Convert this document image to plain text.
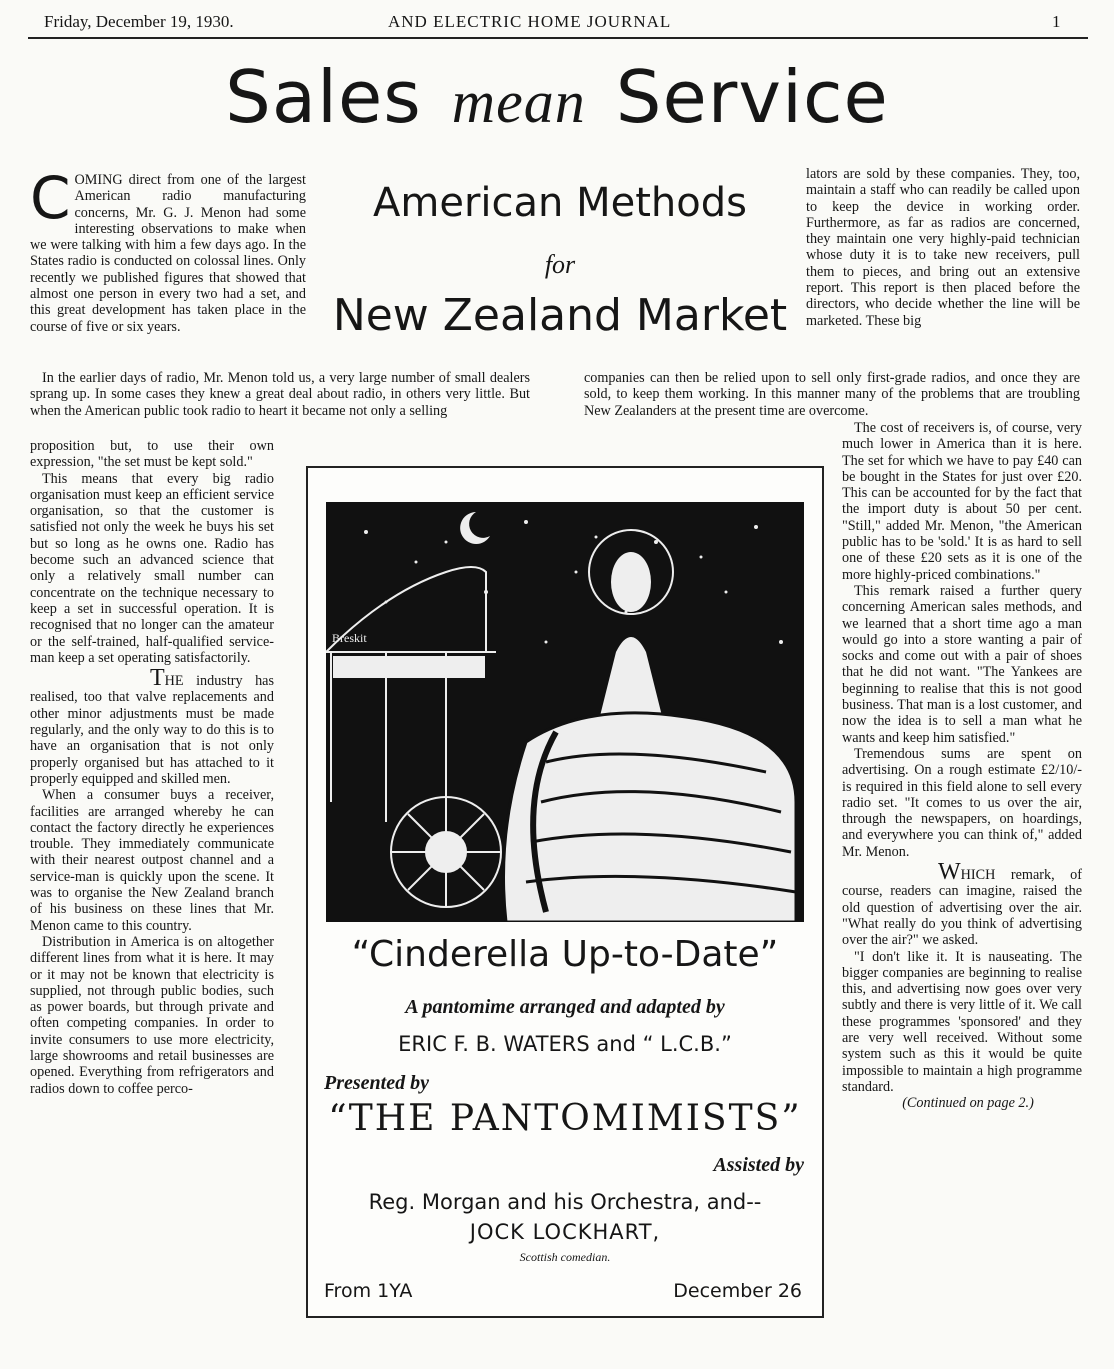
Friday, December 19, 1930.	AND ELECTRIC HOME JOURNAL	1
Sales mean Service
American Methods
for
New Zealand Market

COMING direct from one of the largest American radio manufacturing concerns, Mr. G. J. Menon had some interesting observations to make when we were talking with him a few days ago. In the States radio is conducted on colossal lines. Only recently we published figures that showed that almost one person in every two had a set, and this great development has taken place in the course of five or six years.

In the earlier days of radio, Mr. Menon told us, a very large number of small dealers sprang up. In some cases they knew a great deal about radio, in others very little. But when the American public took radio to heart it became not only a selling

proposition but, to use their own expression, "the set must be kept sold."

This means that every big radio organisation must keep an efficient service organisation, so that the customer is satisfied not only the week he buys his set but so long as he owns one. Radio has become such an advanced science that only a relatively small number can concentrate on the technique necessary to keep a set in successful operation. It is recognised that no longer can the amateur or the self-trained, half-qualified service-man keep a set operating satisfactorily.

THE industry has realised, too that valve replacements and other minor adjustments must be made regularly, and the only way to do this is to have an organisation that is not only properly organised but has attached to it properly equipped and skilled men.

When a consumer buys a receiver, facilities are arranged whereby he can contact the factory directly he experiences trouble. They immediately communicate with their nearest outpost channel and a service-man is quickly upon the scene. It was to organise the New Zealand branch of his business on these lines that Mr. Menon came to this country.

Distribution in America is on altogether different lines from what it is here. It may or it may not be known that electricity is supplied, not through public bodies, such as power boards, but through private and often competing companies. In order to invite consumers to use more electricity, large showrooms and retail businesses are opened. Everything from refrigerators and radios down to coffee perco-

lators are sold by these companies. They, too, maintain a staff who can readily be called upon to keep the device in working order. Furthermore, as far as radios are concerned, they maintain one very highly-paid technician whose duty it is to take new receivers, pull them to pieces, and bring out an extensive report. This report is then placed before the directors, who decide whether the line will be marketed. These big

companies can then be relied upon to sell only first-grade radios, and once they are sold, to keep them working. In this manner many of the problems that are troubling New Zealanders at the present time are overcome.

The cost of receivers is, of course, very much lower in America than it is here. The set for which we have to pay £40 can be bought in the States for just over £20. This can be accounted for by the fact that the import duty is about 50 per cent. "Still," added Mr. Menon, "the American public has to be 'sold.' It is as hard to sell one of these £20 sets as it is one of the more highly-priced combinations."

This remark raised a further query concerning American sales methods, and we learned that a short time ago a man would go into a store wanting a pair of socks and come out with a pair of shoes that he did not want. "The Yankees are beginning to realise that this is not good business. That man is a lost customer, and now the idea is to sell a man what he wants and keep him satisfied."

Tremendous sums are spent on advertising. On a rough estimate £2/10/- is required in this field alone to sell every radio set. "It comes to us over the air, through the newspapers, on hoardings, and everywhere you can think of," added Mr. Menon.

WHICH remark, of course, readers can imagine, raised the old question of advertising over the air. "What really do you think of advertising over the air?" we asked.

"I don't like it. It is nauseating. The bigger companies are beginning to realise this, and advertising now goes over very subtly and there is very little of it. We call these programmes 'sponsored' and they are very well received. Without some system such as this it would be quite impossible to maintain a high programme standard.

(Continued on page 2.)

Breskit
“Cinderella Up-to-Date”
A pantomime arranged and adapted by
ERIC F. B. WATERS and “ L.C.B.”
Presented by
“THE PANTOMIMISTS”
Assisted by
Reg. Morgan and his Orchestra, and--
JOCK LOCKHART,
Scottish comedian.
From 1YA	December 26
